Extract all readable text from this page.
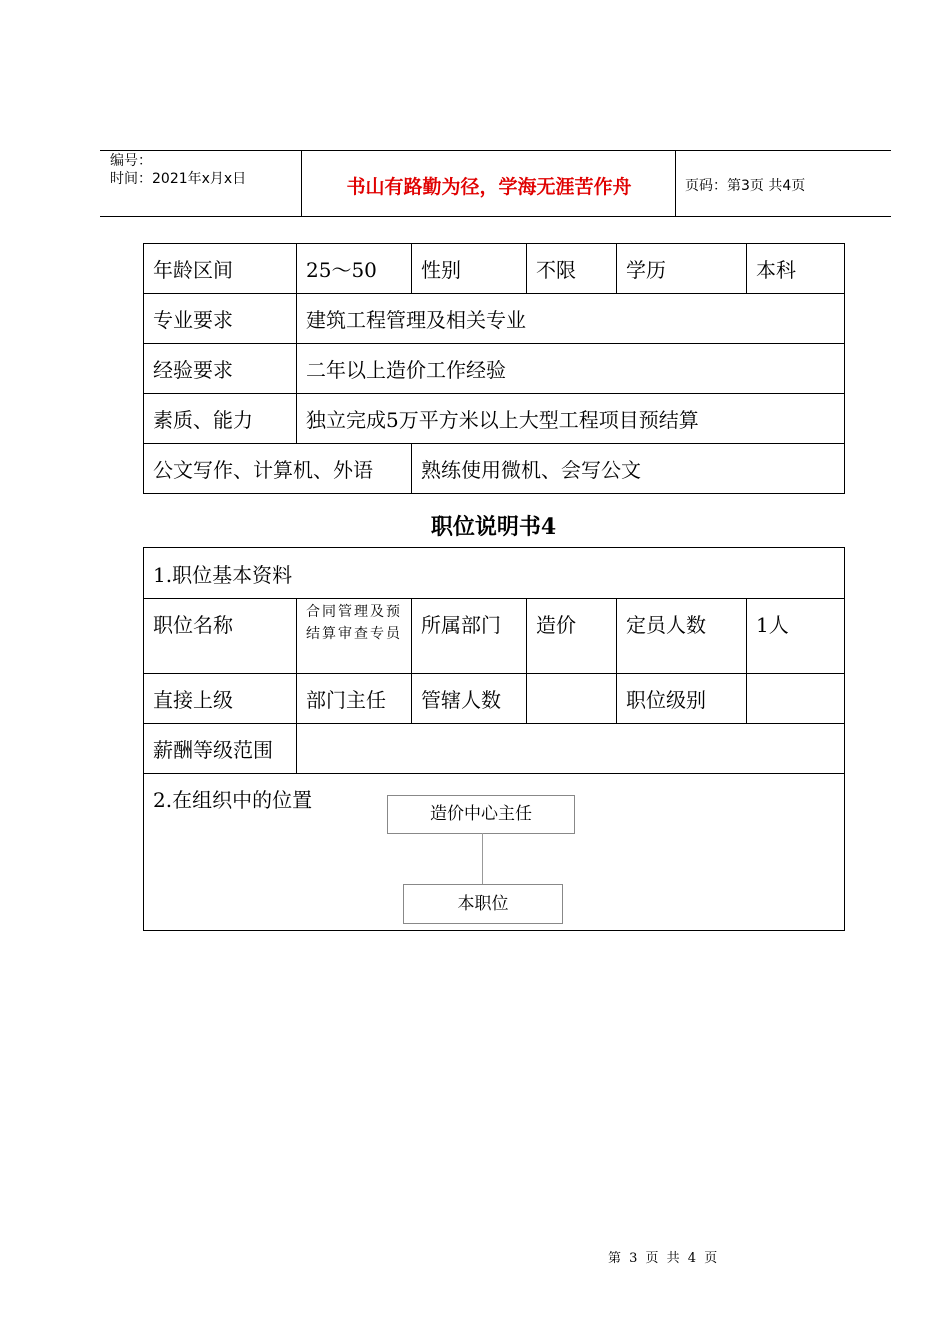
编号：
时间：2021年x月x日	书山有路勤为径，学海无涯苦作舟	页码：第3页 共4页
年龄区间	25～50	性别	不限	学历	本科
专业要求	建筑工程管理及相关专业				
经验要求	二年以上造价工作经验				
素质、能力	独立完成5万平方米以上大型工程项目预结算				
公文写作、计算机、外语		熟练使用微机、会写公文			
职位说明书4
1.职位基本资料					
职位名称	合同管理及预结算审查专员	所属部门	造价	定员人数	1人
直接上级	部门主任	管辖人数		职位级别	
薪酬等级范围					
2.在组织中的位置					
造价中心主任
本职位
第 3 页 共 4 页
